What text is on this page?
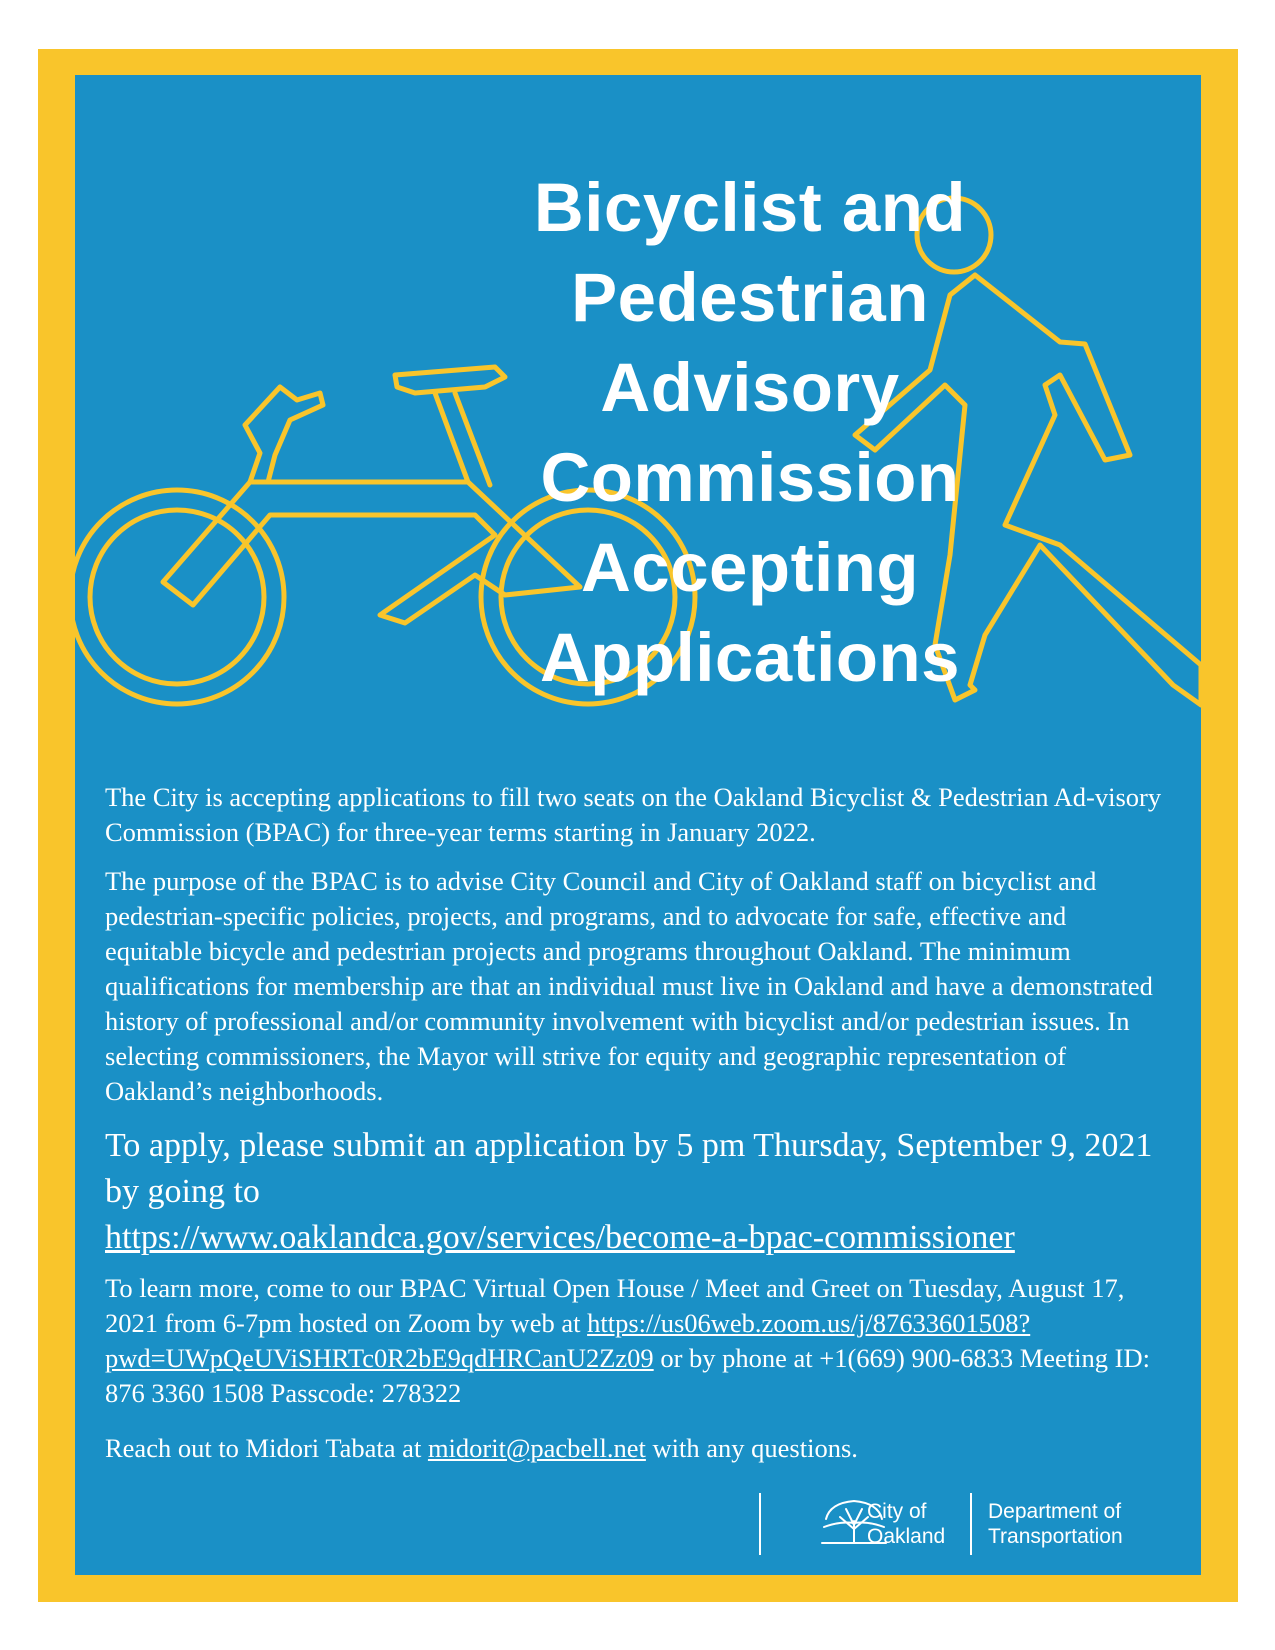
Bicyclist and
Pedestrian
Advisory
Commission
Accepting
Applications

The City is accepting applications to fill two seats on the Oakland Bicyclist & Pedestrian Ad-visory Commission (BPAC) for three-year terms starting in January 2022.

The purpose of the BPAC is to advise City Council and City of Oakland staff on bicyclist and pedestrian-specific policies, projects, and programs, and to advocate for safe, effective and equitable bicycle and pedestrian projects and programs throughout Oakland. The minimum qualifications for membership are that an individual must live in Oakland and have a demonstrated history of professional and/or community involvement with bicyclist and/or pedestrian issues. In selecting commissioners, the Mayor will strive for equity and geographic representation of Oakland’s neighborhoods.

To apply, please submit an application by 5 pm Thursday, September 9, 2021 by going to
https://www.oaklandca.gov/services/become-a-bpac-commissioner

To learn more, come to our BPAC Virtual Open House / Meet and Greet on Tuesday, August 17, 2021 from 6-7pm hosted on Zoom by web at https://us06web.zoom.us/j/87633601508?pwd=UWpQeUViSHRTc0R2bE9qdHRCanU2Zz09 or by phone at +1(669) 900-6833 Meeting ID: 876 3360 1508 Passcode: 278322

Reach out to Midori Tabata at midorit@pacbell.net with any questions.

City of
Oakland
Department of
Transportation
